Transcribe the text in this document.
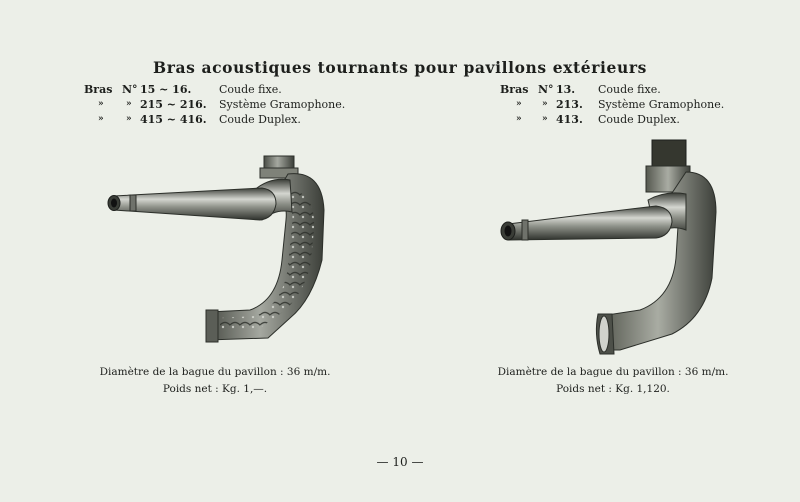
Bras acoustiques tournants pour pavillons extérieurs
Bras N° 15 ~ 16.	Coude fixe.
» » 215 ~ 216. Système Gramophone.
» » 415 ~ 416. Coude Duplex.
Bras N° 13. Coude fixe.
» » 213. Système Gramophone.
» » 413. Coude Duplex.
Diamètre de la bague du pavillon : 36 m/m.
Poids net : Kg. 1,—.
Diamètre de la bague du pavillon : 36 m/m.
Poids net : Kg. 1,120.
— 10 —
